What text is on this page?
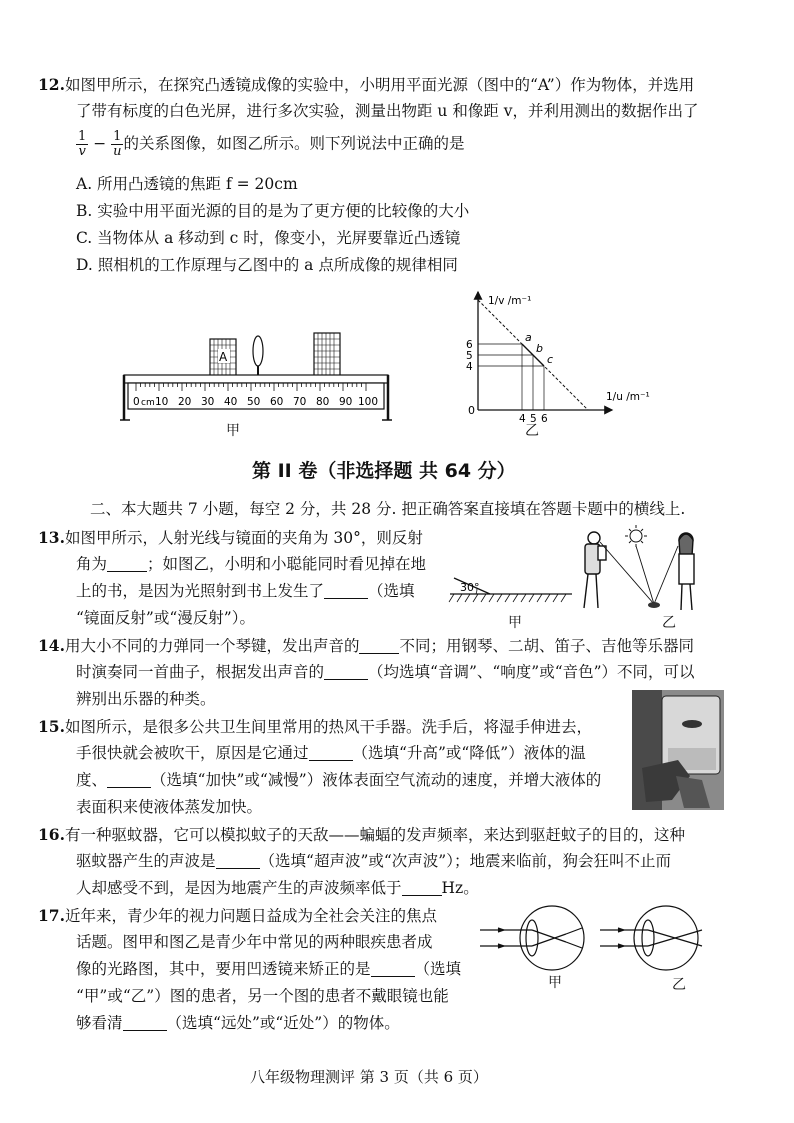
12.如图甲所示，在探究凸透镜成像的实验中，小明用平面光源（图中的“A”）作为物体，并选用
了带有标度的白色光屏，进行多次实验，测量出物距 u 和像距 v，并利用测出的数据作出了
$\frac{1}{v} - \frac{1}{u}$ 的关系图像，如图乙所示。则下列说法中正确的是
A. 所用凸透镜的焦距 f = 20cm
B. 实验中用平面光源的目的是为了更方便的比较像的大小
C. 当物体从 a 移动到 c 时，像变小，光屏要靠近凸透镜
D. 照相机的工作原理与乙图中的 a 点所成像的规律相同
A
0 cm 10 20 30 40 50 60 70 80 90 100
甲
1/v /m⁻¹
1/u /m⁻¹
0
a
6
4
b
5
5
c
4
6
乙
第 II 卷（非选择题 共 64 分）
二、本大题共 7 小题，每空 2 分，共 28 分. 把正确答案直接填在答题卡题中的横线上.
13.如图甲所示，人射光线与镜面的夹角为 30°，则反射
角为	；如图乙，小明和小聪能同时看见掉在地
上的书，是因为光照射到书上发生了	（选填
“镜面反射”或“漫反射”）。
30°
甲	乙
14.用大小不同的力弹同一个琴键，发出声音的	不同；用钢琴、二胡、笛子、吉他等乐器同
时演奏同一首曲子，根据发出声音的	（均选填“音调”、“响度”或“音色”）不同，可以
辨别出乐器的种类。
15.如图所示，是很多公共卫生间里常用的热风干手器。洗手后，将湿手伸进去，
手很快就会被吹干，原因是它通过	（选填“升高”或“降低”）液体的温
度、	（选填“加快”或“减慢”）液体表面空气流动的速度，并增大液体的
表面积来使液体蒸发加快。
16.有一种驱蚊器，它可以模拟蚊子的天敌——蝙蝠的发声频率，来达到驱赶蚊子的目的，这种
驱蚊器产生的声波是	（选填“超声波”或“次声波”）；地震来临前，狗会狂叫不止而
人却感受不到，是因为地震产生的声波频率低于	Hz。
17.近年来，青少年的视力问题日益成为全社会关注的焦点
话题。图甲和图乙是青少年中常见的两种眼疾患者成
像的光路图，其中，要用凹透镜来矫正的是	（选填
“甲”或“乙”）图的患者，另一个图的患者不戴眼镜也能
够看清	（选填“远处”或“近处”）的物体。
甲	乙
八年级物理测评 第 3 页（共 6 页）
